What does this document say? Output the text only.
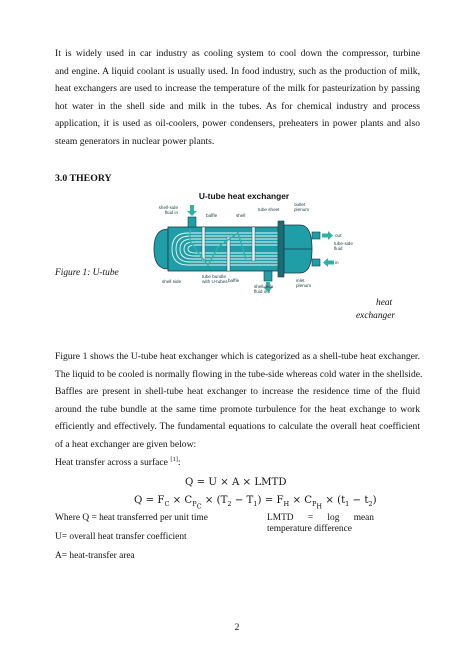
It is widely used in car industry as cooling system to cool down the compressor, turbine
and engine. A liquid coolant is usually used. In food industry, such as the production of milk,
heat exchangers are used to increase the temperature of the milk for pasteurization by passing
hot water in the shell side and milk in the tubes. As for chemical industry and process
application, it is used as oil-coolers, power condensers, preheaters in power plants and also
steam generators in nuclear power plants.
3.0 THEORY
U-tube heat exchanger
shell-side fluid in
baffle	shell
tube sheet
outlet plenum
out
in
tube-side fluid
shell side
tube bundle with U-tubes baffle
shell-side fluid out
inlet plenum
Figure 1: U-tube
heat
exchanger
Figure 1 shows the U-tube heat exchanger which is categorized as a shell-tube heat exchanger.
The liquid to be cooled is normally flowing in the tube-side whereas cold water in the shellside.
Baffles are present in shell-tube heat exchanger to increase the residence time of the fluid
around the tube bundle at the same time promote turbulence for the heat exchange to work
efficiently and effectively. The fundamental equations to calculate the overall heat coefficient
of a heat exchanger are given below:
Heat transfer across a surface [1]:
Q = U × A × LMTD
$Q = F_C \times C_{P_C} \times (T_2 - T_1) = F_H \times C_{P_H} \times (t_1 - t_2)$
Where Q = heat transferred per unit time
U= overall heat transfer coefficient
A= heat-transfer area
LMTD = log mean
temperature difference
2
